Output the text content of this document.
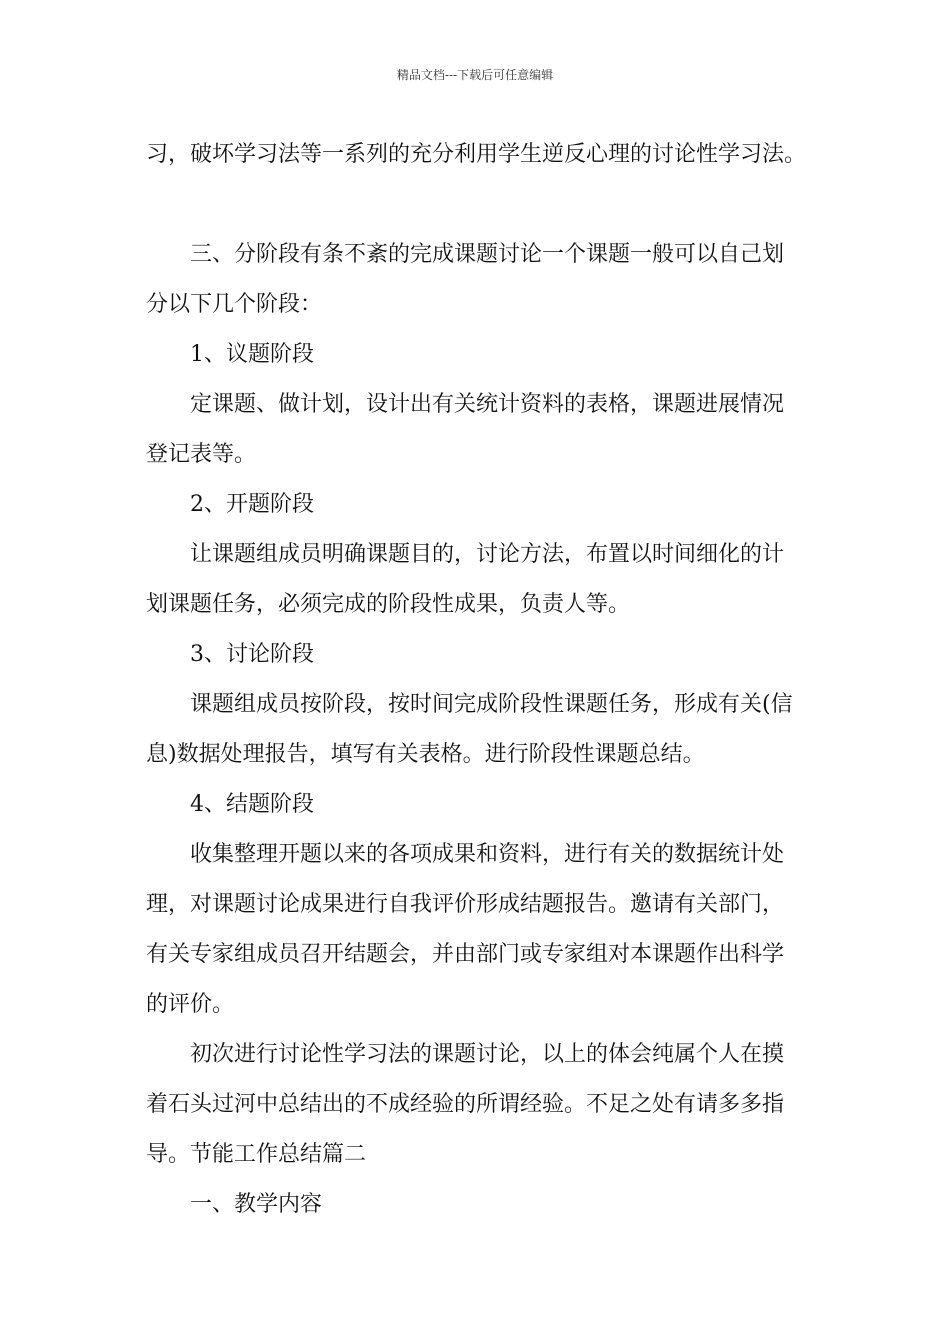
精品文档---下载后可任意编辑
习，破坏学习法等一系列的充分利用学生逆反心理的讨论性学习法。
三、分阶段有条不紊的完成课题讨论一个课题一般可以自己划
分以下几个阶段：
1、议题阶段
定课题、做计划，设计出有关统计资料的表格，课题进展情况
登记表等。
2、开题阶段
让课题组成员明确课题目的，讨论方法，布置以时间细化的计
划课题任务，必须完成的阶段性成果，负责人等。
3、讨论阶段
课题组成员按阶段，按时间完成阶段性课题任务，形成有关(信
息)数据处理报告，填写有关表格。进行阶段性课题总结。
4、结题阶段
收集整理开题以来的各项成果和资料，进行有关的数据统计处
理，对课题讨论成果进行自我评价形成结题报告。邀请有关部门，
有关专家组成员召开结题会，并由部门或专家组对本课题作出科学
的评价。
初次进行讨论性学习法的课题讨论，以上的体会纯属个人在摸
着石头过河中总结出的不成经验的所谓经验。不足之处有请多多指
导。节能工作总结篇二
一、教学内容
